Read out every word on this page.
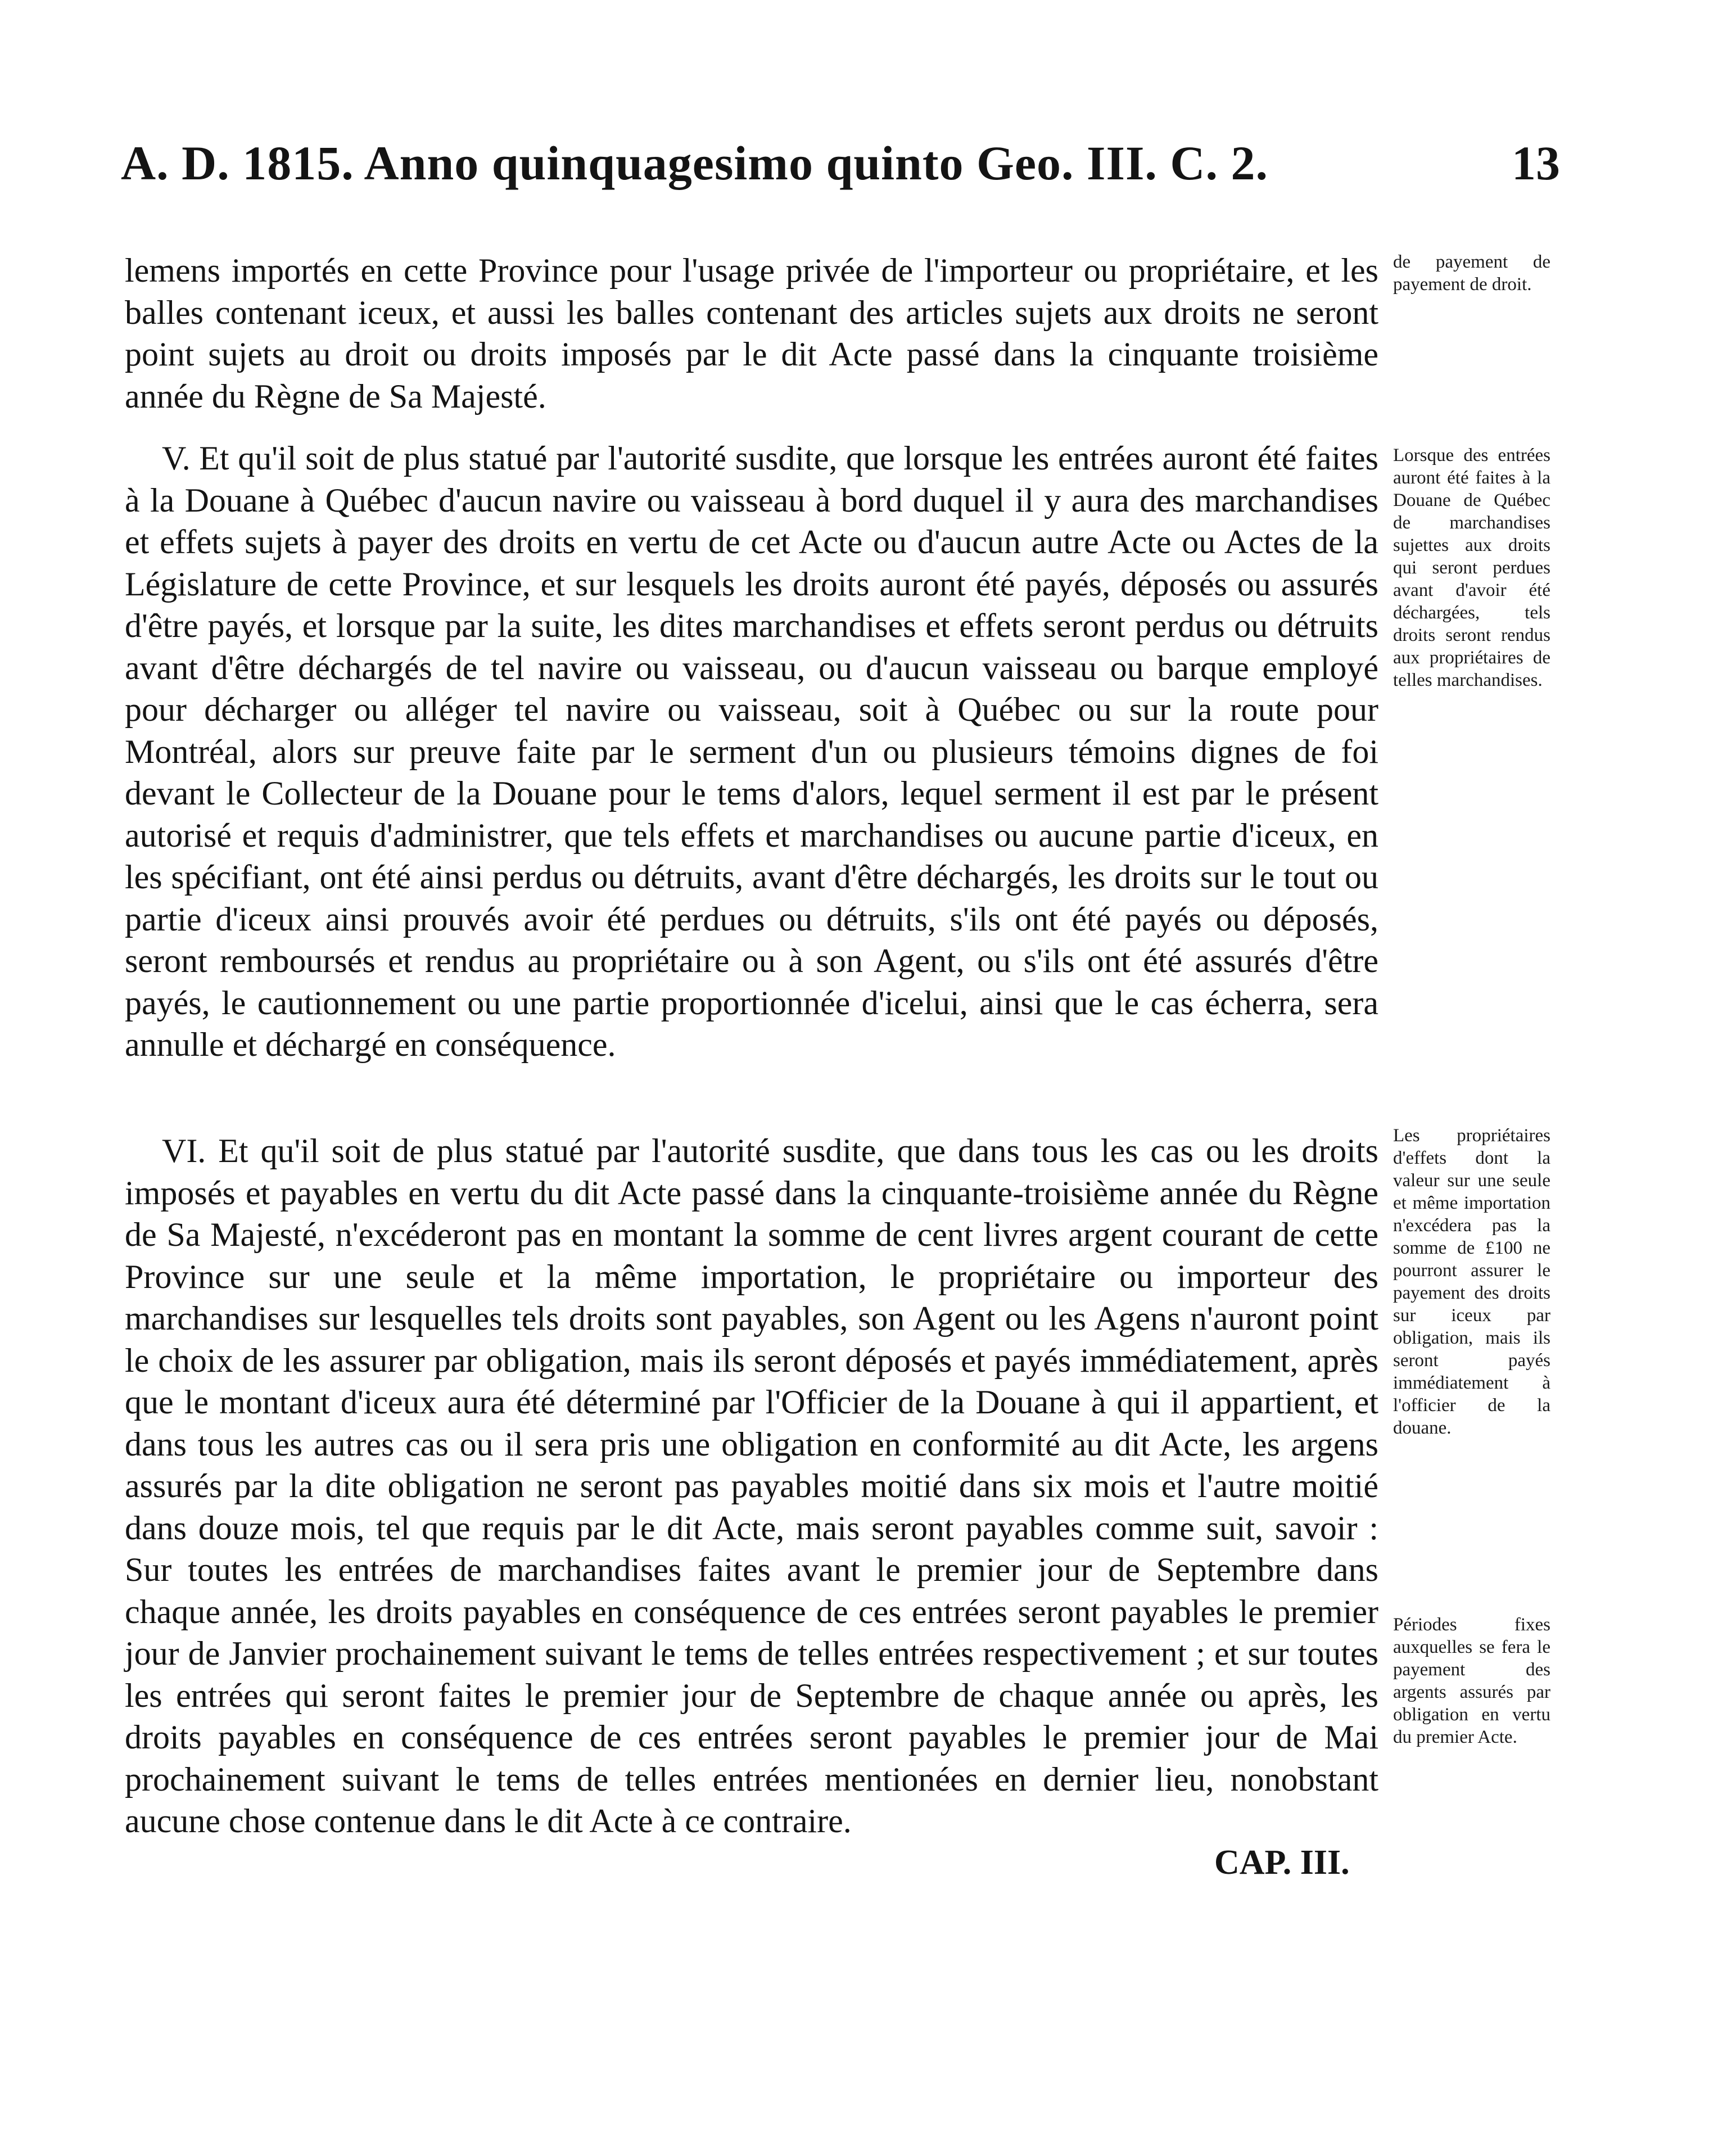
A. D. 1815. Anno quinquagesimo quinto Geo. III. C. 2.	13

lemens importés en cette Province pour l'usage privée de l'importeur ou propriétaire, et les balles contenant iceux, et aussi les balles contenant des articles sujets aux droits ne seront point sujets au droit ou droits imposés par le dit Acte passé dans la cinquante troisième année du Règne de Sa Majesté.

V. Et qu'il soit de plus statué par l'autorité susdite, que lorsque les entrées auront été faites à la Douane à Québec d'aucun navire ou vaisseau à bord duquel il y aura des marchandises et effets sujets à payer des droits en vertu de cet Acte ou d'aucun autre Acte ou Actes de la Législature de cette Province, et sur lesquels les droits auront été payés, déposés ou assurés d'être payés, et lorsque par la suite, les dites marchandises et effets seront perdus ou détruits avant d'être déchargés de tel navire ou vaisseau, ou d'aucun vaisseau ou barque employé pour décharger ou alléger tel navire ou vaisseau, soit à Québec ou sur la route pour Montréal, alors sur preuve faite par le serment d'un ou plusieurs témoins dignes de foi devant le Collecteur de la Douane pour le tems d'alors, lequel serment il est par le présent autorisé et requis d'administrer, que tels effets et marchandises ou aucune partie d'iceux, en les spécifiant, ont été ainsi perdus ou détruits, avant d'être déchargés, les droits sur le tout ou partie d'iceux ainsi prouvés avoir été perdues ou détruits, s'ils ont été payés ou déposés, seront remboursés et rendus au propriétaire ou à son Agent, ou s'ils ont été assurés d'être payés, le cautionnement ou une partie proportionnée d'icelui, ainsi que le cas écherra, sera annulle et déchargé en conséquence.

VI. Et qu'il soit de plus statué par l'autorité susdite, que dans tous les cas ou les droits imposés et payables en vertu du dit Acte passé dans la cinquante-troisième année du Règne de Sa Majesté, n'excéderont pas en montant la somme de cent livres argent courant de cette Province sur une seule et la même importation, le propriétaire ou importeur des marchandises sur lesquelles tels droits sont payables, son Agent ou les Agens n'auront point le choix de les assurer par obligation, mais ils seront déposés et payés immédiatement, après que le montant d'iceux aura été déterminé par l'Officier de la Douane à qui il appartient, et dans tous les autres cas ou il sera pris une obligation en conformité au dit Acte, les argens assurés par la dite obligation ne seront pas payables moitié dans six mois et l'autre moitié dans douze mois, tel que requis par le dit Acte, mais seront payables comme suit, savoir : Sur toutes les entrées de marchandises faites avant le premier jour de Septembre dans chaque année, les droits payables en conséquence de ces entrées seront payables le premier jour de Janvier prochainement suivant le tems de telles entrées respectivement ; et sur toutes les entrées qui seront faites le premier jour de Septembre de chaque année ou après, les droits payables en conséquence de ces entrées seront payables le premier jour de Mai prochainement suivant le tems de telles entrées mentionées en dernier lieu, nonobstant aucune chose contenue dans le dit Acte à ce contraire.

CAP. III.
de payement de payement de droit.
Lorsque des entrées auront été faites à la Douane de Québec de marchandises sujettes aux droits qui seront perdues avant d'avoir été déchargées, tels droits seront rendus aux propriétaires de telles marchandises.
Les propriétaires d'effets dont la valeur sur une seule et même importation n'excédera pas la somme de £100 ne pourront assurer le payement des droits sur iceux par obligation, mais ils seront payés immédiatement à l'officier de la douane.
Périodes fixes auxquelles se fera le payement des argents assurés par obligation en vertu du premier Acte.
